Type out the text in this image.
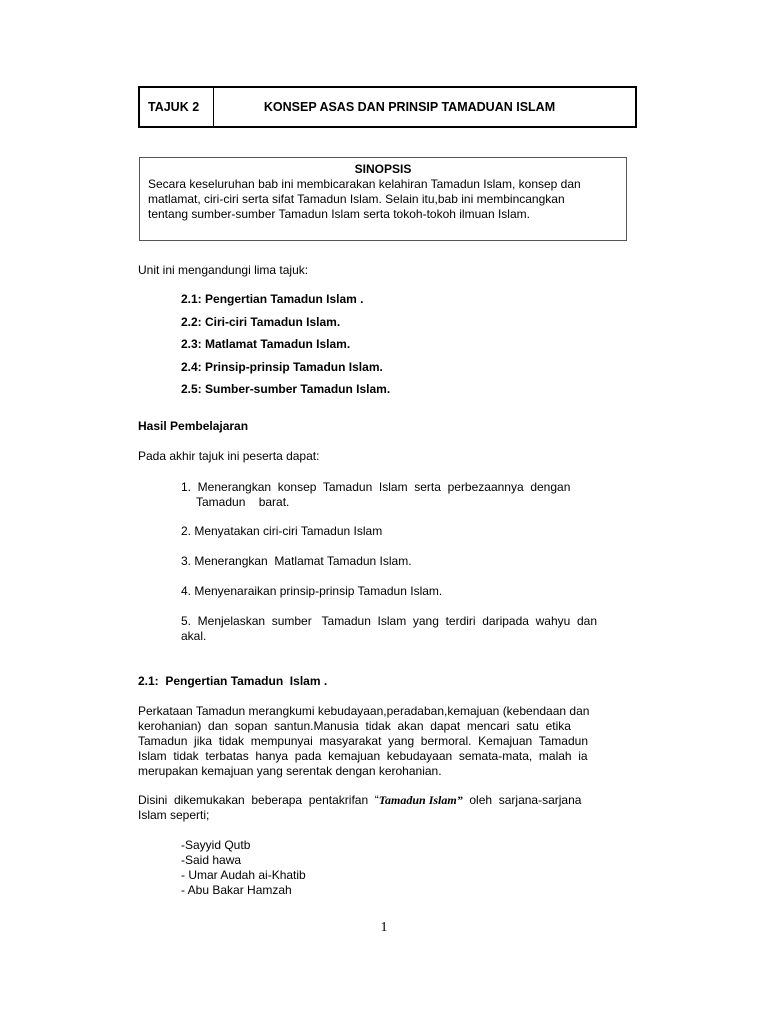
TAJUK 2	KONSEP ASAS DAN PRINSIP TAMADUAN ISLAM
SINOPSIS
Secara keseluruhan bab ini membicarakan kelahiran Tamadun Islam, konsep dan
matlamat, ciri-ciri serta sifat Tamadun Islam. Selain itu,bab ini membincangkan
tentang sumber-sumber Tamadun Islam serta tokoh-tokoh ilmuan Islam.
Unit ini mengandungi lima tajuk:
2.1: Pengertian Tamadun Islam .
2.2: Ciri-ciri Tamadun Islam.
2.3: Matlamat Tamadun Islam.
2.4: Prinsip-prinsip Tamadun Islam.
2.5: Sumber-sumber Tamadun Islam.
Hasil Pembelajaran
Pada akhir tajuk ini peserta dapat:
1.  Menerangkan  konsep  Tamadun  Islam  serta  perbezaannya  dengan
Tamadun    barat.
2. Menyatakan ciri-ciri Tamadun Islam
3. Menerangkan  Matlamat Tamadun Islam.
4. Menyenaraikan prinsip-prinsip Tamadun Islam.
5.  Menjelaskan  sumber   Tamadun  Islam  yang  terdiri  daripada  wahyu  dan
akal.
2.1:  Pengertian Tamadun  Islam .
Perkataan Tamadun merangkumi kebudayaan,peradaban,kemajuan (kebendaan dan
kerohanian)  dan  sopan  santun.Manusia  tidak  akan  dapat  mencari  satu  etika
Tamadun  jika  tidak  mempunyai  masyarakat  yang  bermoral.  Kemajuan  Tamadun
Islam  tidak  terbatas  hanya  pada  kemajuan  kebudayaan  semata-mata,  malah  ia
merupakan kemajuan yang serentak dengan kerohanian.
Disini  dikemukakan  beberapa  pentakrifan  “Tamadun Islam”  oleh  sarjana-sarjana
Islam seperti;
-Sayyid Qutb
-Said hawa
- Umar Audah ai-Khatib
- Abu Bakar Hamzah
1
